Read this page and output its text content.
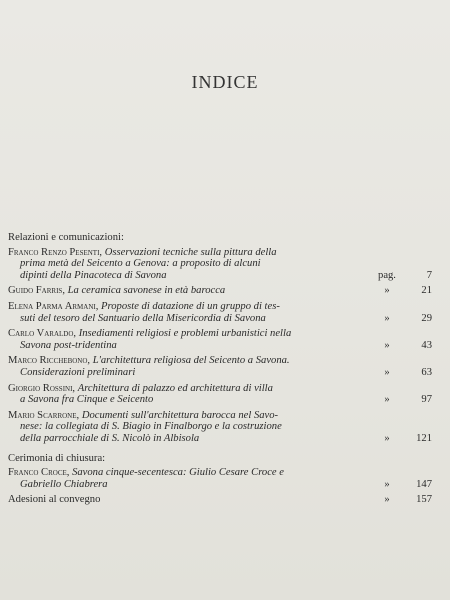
INDICE
Relazioni e comunicazioni:
Franco Renzo Pesenti, Osservazioni tecniche sulla pittura della
prima metà del Seicento a Genova: a proposito di alcuni
dipinti della Pinacoteca di Savona	pag.	7
Guido Farris, La ceramica savonese in età barocca	»	21
Elena Parma Armani, Proposte di datazione di un gruppo di tes-
suti del tesoro del Santuario della Misericordia di Savona	»	29
Carlo Varaldo, Insediamenti religiosi e problemi urbanistici nella
Savona post-tridentina	»	43
Marco Ricchebono, L'architettura religiosa del Seicento a Savona.
Considerazioni preliminari	»	63
Giorgio Rossini, Architettura di palazzo ed architettura di villa
a Savona fra Cinque e Seicento	»	97
Mario Scarrone, Documenti sull'architettura barocca nel Savo-
nese: la collegiata di S. Biagio in Finalborgo e la costruzione
della parrocchiale di S. Nicolò in Albisola	»	121
Cerimonia di chiusura:
Franco Croce, Savona cinque-secentesca: Giulio Cesare Croce e
Gabriello Chiabrera	»	147
Adesioni al convegno	»	157
